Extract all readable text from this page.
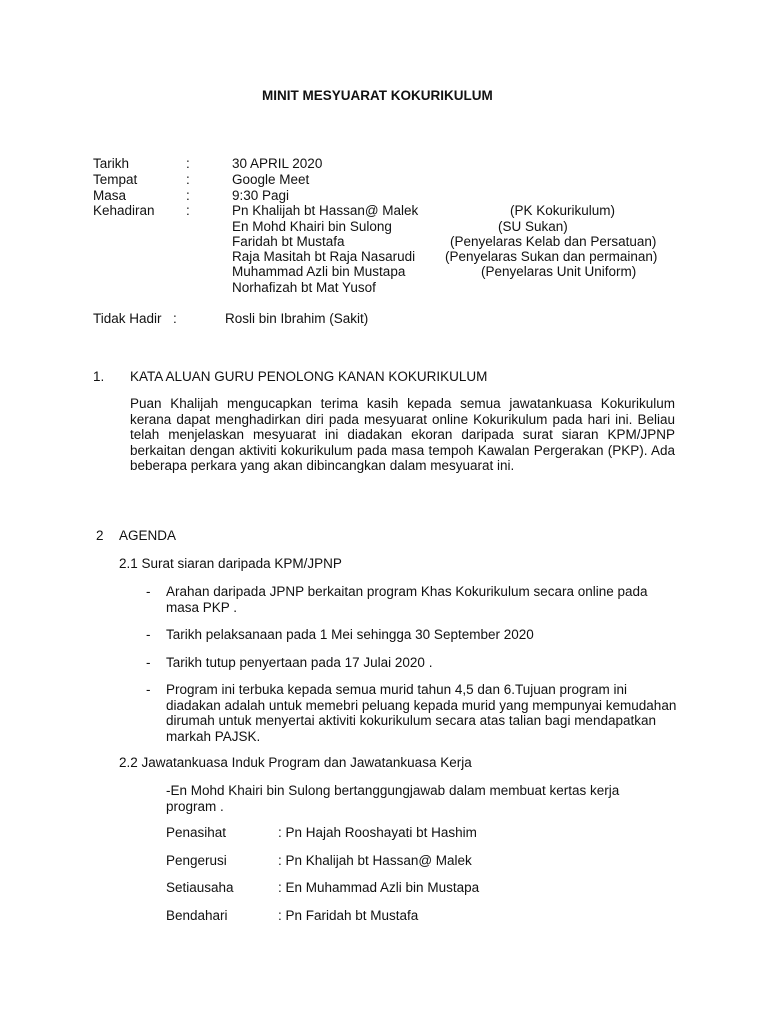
MINIT MESYUARAT KOKURIKULUM
Tarikh	:	30 APRIL 2020
Tempat	:	Google Meet
Masa	:	9:30 Pagi
Kehadiran :	Pn Khalijah bt Hassan@ Malek	(PK Kokurikulum)
En Mohd Khairi bin Sulong	(SU Sukan)
Faridah bt Mustafa	(Penyelaras Kelab dan Persatuan)
Raja Masitah bt Raja Nasarudi (Penyelaras Sukan dan permainan)
Muhammad Azli bin Mustapa	(Penyelaras Unit Uniform)
Norhafizah bt Mat Yusof
Tidak Hadir :	Rosli bin Ibrahim (Sakit)
1. KATA ALUAN GURU PENOLONG KANAN KOKURIKULUM
Puan Khalijah mengucapkan terima kasih kepada semua jawatankuasa Kokurikulum kerana dapat menghadirkan diri pada mesyuarat online Kokurikulum pada hari ini. Beliau telah menjelaskan mesyuarat ini diadakan ekoran daripada surat siaran KPM/JPNP berkaitan dengan aktiviti kokurikulum pada masa tempoh Kawalan Pergerakan (PKP). Ada beberapa perkara yang akan dibincangkan dalam mesyuarat ini.
2 AGENDA
2.1 Surat siaran daripada KPM/JPNP
- Arahan daripada JPNP berkaitan program Khas Kokurikulum secara online pada masa PKP .
- Tarikh pelaksanaan pada 1 Mei sehingga 30 September 2020
- Tarikh tutup penyertaan pada 17 Julai 2020 .
- Program ini terbuka kepada semua murid tahun 4,5 dan 6.Tujuan program ini diadakan adalah untuk memebri peluang kepada murid yang mempunyai kemudahan dirumah untuk menyertai aktiviti kokurikulum secara atas talian bagi mendapatkan markah PAJSK.
2.2 Jawatankuasa Induk Program dan Jawatankuasa Kerja
-En Mohd Khairi bin Sulong bertanggungjawab dalam membuat kertas kerja program .
Penasihat	: Pn Hajah Rooshayati bt Hashim
Pengerusi	: Pn Khalijah bt Hassan@ Malek
Setiausaha	: En Muhammad Azli bin Mustapa
Bendahari	: Pn Faridah bt Mustafa
